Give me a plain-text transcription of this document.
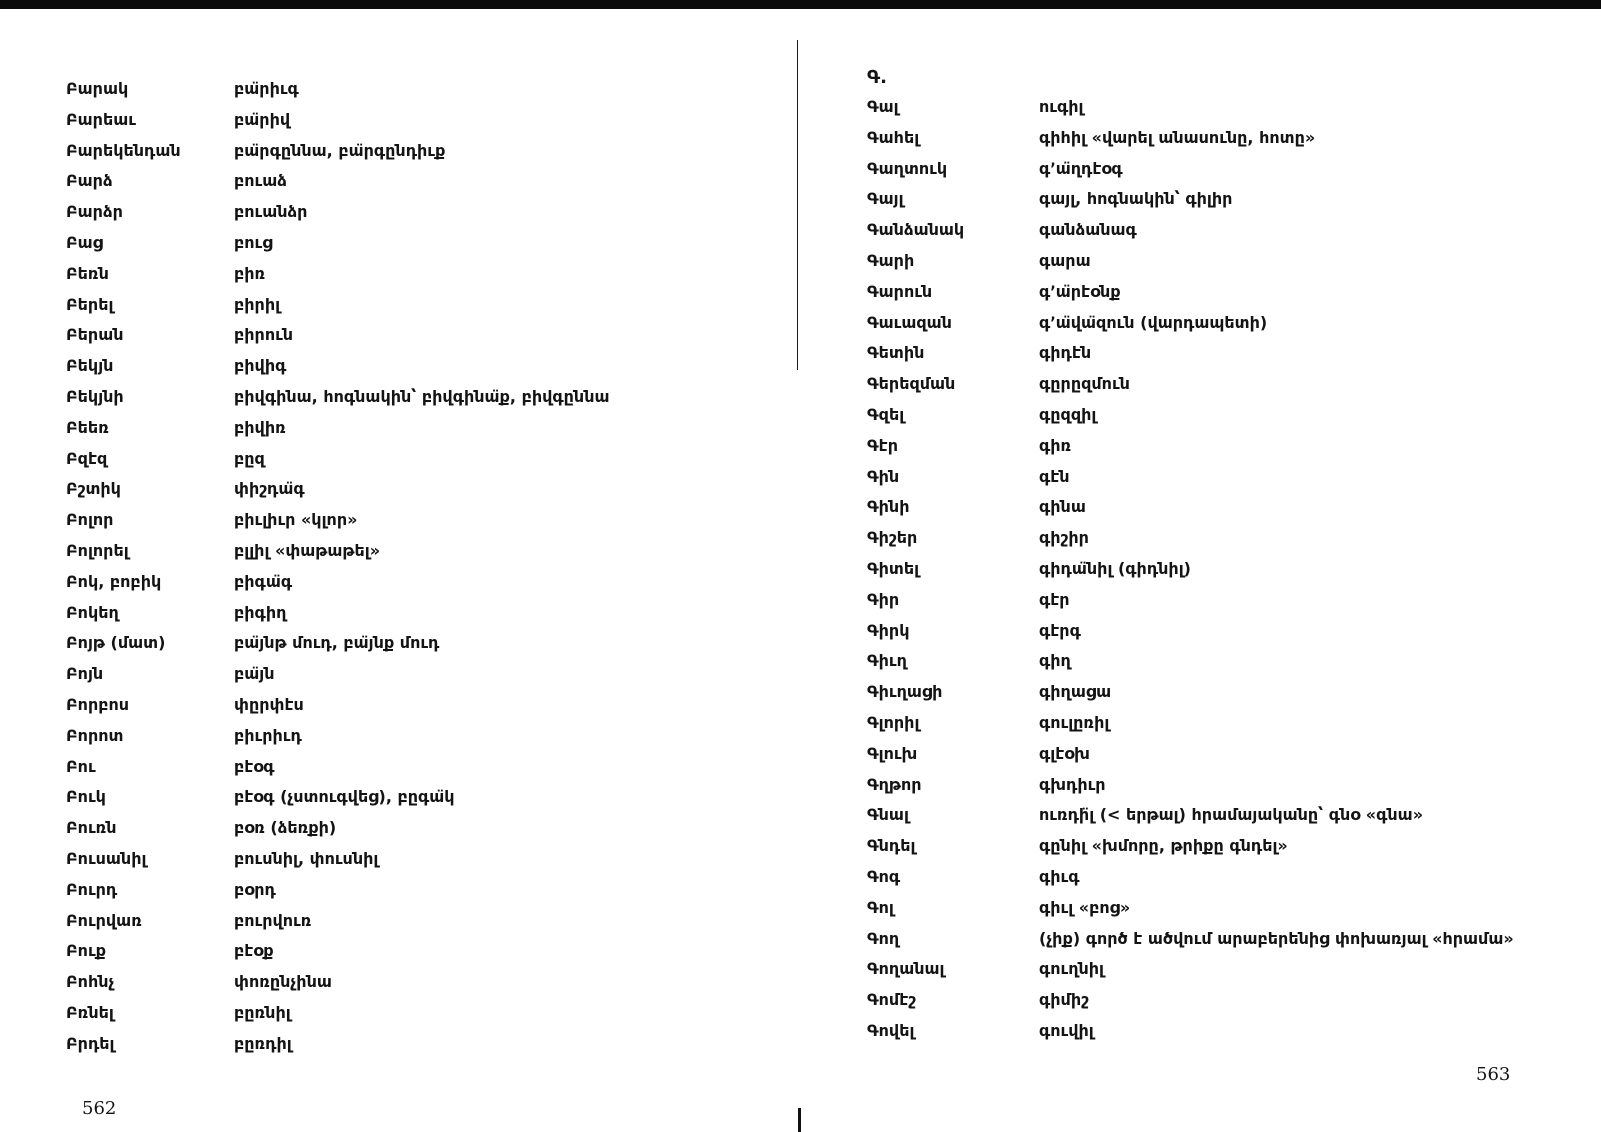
Բարակ	բա̈րիւգ
Բարեաւ	բա̈րիվ
Բարեկենդան	բա̈րգըննա, բա̈րգընդիւք
Բարձ	բուաձ
Բարձր	բուանձր
Բաց	բուց
Բեռն	բիռ
Բերել	բիրիլ
Բերան	բիրուն
Բեկյն	բիվիգ
Բեկյնի	բիվգինա, հոգնակին՝ բիվգինա̈ք, բիվգըննա
Բեեռ	բիվիռ
Բզէզ	բըզ
Բշտիկ	փիշդա̈գ
Բոլոր	բիւլիւր «կլոր»
Բոլորել	բլլիլ «փաթաթել»
Բոկ, բոբիկ	բիգա̈գ
Բոկեղ	բիգիղ
Բոյթ (մատ)	բա̈յնթ մուդ, բա̈յնք մուդ
Բոյն	բա̈յն
Բորբոս	փըրփէս
Բորոտ	բիւրիւդ
Բու	բէօգ
Բուկ	բէօգ (չստուգվեց), բըգա̈կ
Բուռն	բօռ (ձեռքի)
Բուսանիլ	բուսնիլ, փուսնիլ
Բուրդ	բօրդ
Բուրվառ	բուրվուռ
Բուք	բէօք
Բոհնչ	փոռընչինա
Բռնել	բըռնիլ
Բրդել	բըռդիլ
562
Գ.
Գալ	ուգիլ
Գահել	գիհիլ «վարել անասունը, հոտը»
Գաղտուկ	գ՚ա̈ղդէօգ
Գայլ	գայլ, հոգնակին՝ գիլիր
Գանձանակ	գանձանագ
Գարի	գարա
Գարուն	գ՚ա̈րէօնք
Գաւազան	գ՚ա̈վա̈զուն (վարդապետի)
Գետին	գիդէն
Գերեզման	գըրըզմուն
Գզել	գըզզիլ
Գէր	գիռ
Գին	գէն
Գինի	գինա
Գիշեր	գիշիր
Գիտել	գիդա̈նիլ (գիդնիլ)
Գիր	գէր
Գիրկ	գէրգ
Գիւղ	գիղ
Գիւղացի	գիղացա
Գլորիլ	գուլըռիլ
Գլուխ	գլէօխ
Գղթոր	գխդիւր
Գնալ	ուռդի̈լ (< երթալ) հրամայականը՝ գնօ «գնա»
Գնդել	գընիլ «խմորը, թրիքը գնդել»
Գոգ	գիւգ
Գոլ	գիւլ «բոց»
Գող	(չիք) գործ է ածվում արաբերենից փոխառյալ «հրամա»
Գողանալ	գուղնիլ
Գոմէշ	գիմիշ
Գովել	գուվիլ
563
